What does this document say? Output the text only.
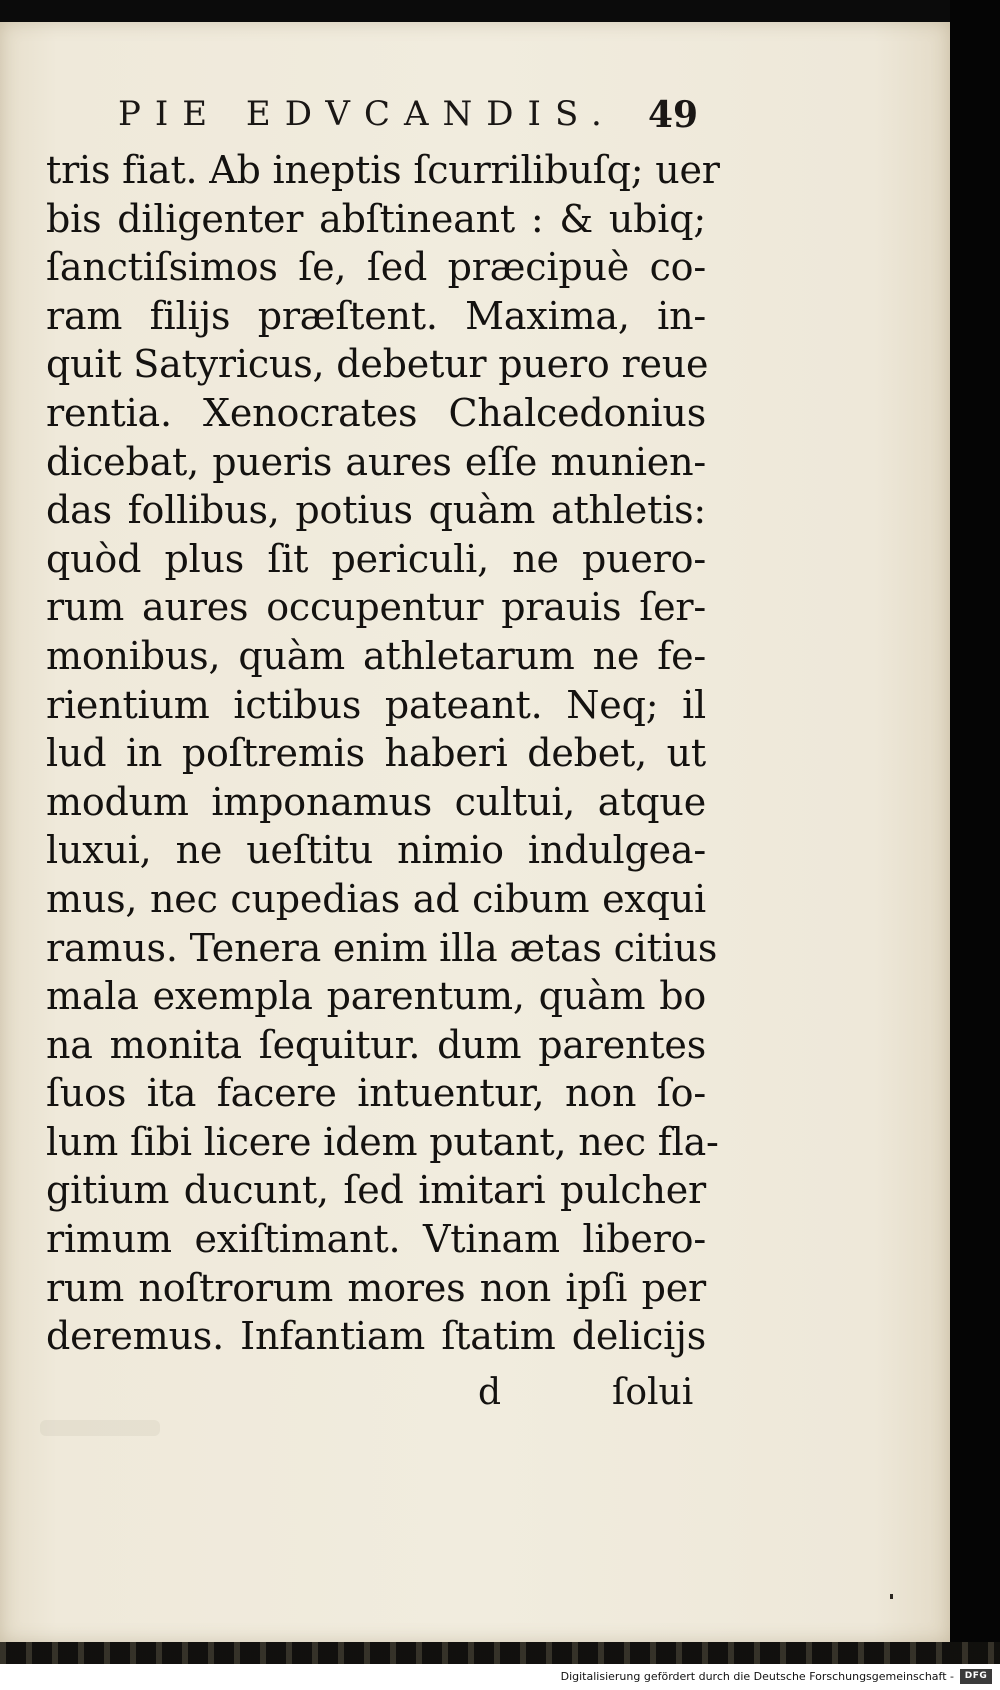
PIE EDVCANDIS. 49
tris fiat. Ab ineptis ſcurrilibuſq; uer
bis diligenter abſtineant : & ubiq;
ſanctiſsimos ſe, ſed præcipuè co-
ram filijs præſtent. Maxima, in-
quit Satyricus, debetur puero reue
rentia. Xenocrates Chalcedonius
dicebat, pueris aures eſſe munien-
das follibus, potius quàm athletis:
quòd plus ſit periculi, ne puero-
rum aures occupentur prauis ſer-
monibus, quàm athletarum ne fe-
rientium ictibus pateant. Neq; il
lud in poſtremis haberi debet, ut
modum imponamus cultui, atque
luxui, ne ueſtitu nimio indulgea-
mus, nec cupedias ad cibum exqui
ramus. Tenera enim illa ætas citius
mala exempla parentum, quàm bo
na monita ſequitur. dum parentes
ſuos ita facere intuentur, non ſo-
lum ſibi licere idem putant, nec fla-
gitium ducunt, ſed imitari pulcher
rimum exiſtimant. Vtinam libero-
rum noſtrorum mores non ipſi per
deremus. Infantiam ſtatim delicijs
d	ſolui
Digitalisierung gefördert durch die Deutsche Forschungsgemeinschaft -	DFG
